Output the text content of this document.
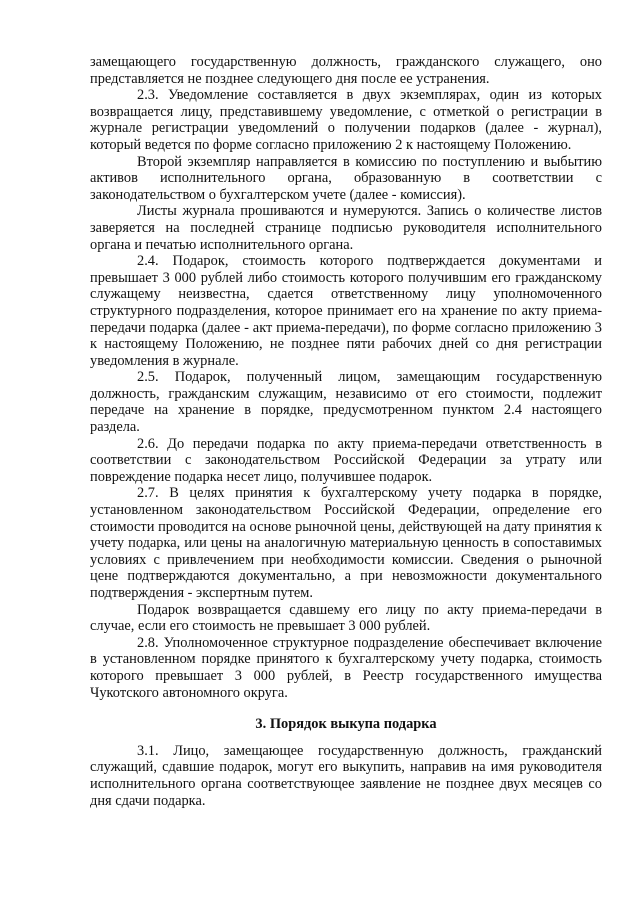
замещающего государственную должность, гражданского служащего, оно представляется не позднее следующего дня после ее устранения.

2.3. Уведомление составляется в двух экземплярах, один из которых возвращается лицу, представившему уведомление, с отметкой о регистрации в журнале регистрации уведомлений о получении подарков (далее - журнал), который ведется по форме согласно приложению 2 к настоящему Положению.

Второй экземпляр направляется в комиссию по поступлению и выбытию активов исполнительного органа, образованную в соответствии с законодательством о бухгалтерском учете (далее - комиссия).

Листы журнала прошиваются и нумеруются. Запись о количестве листов заверяется на последней странице подписью руководителя исполнительного органа и печатью исполнительного органа.

2.4. Подарок, стоимость которого подтверждается документами и превышает 3 000 рублей либо стоимость которого получившим его гражданскому служащему неизвестна, сдается ответственному лицу уполномоченного структурного подразделения, которое принимает его на хранение по акту приема-передачи подарка (далее - акт приема-передачи), по форме согласно приложению 3 к настоящему Положению, не позднее пяти рабочих дней со дня регистрации уведомления в журнале.

2.5. Подарок, полученный лицом, замещающим государственную должность, гражданским служащим, независимо от его стоимости, подлежит передаче на хранение в порядке, предусмотренном пунктом 2.4 настоящего раздела.

2.6. До передачи подарка по акту приема-передачи ответственность в соответствии с законодательством Российской Федерации за утрату или повреждение подарка несет лицо, получившее подарок.

2.7. В целях принятия к бухгалтерскому учету подарка в порядке, установленном законодательством Российской Федерации, определение его стоимости проводится на основе рыночной цены, действующей на дату принятия к учету подарка, или цены на аналогичную материальную ценность в сопоставимых условиях с привлечением при необходимости комиссии. Сведения о рыночной цене подтверждаются документально, а при невозможности документального подтверждения - экспертным путем.

Подарок возвращается сдавшему его лицу по акту приема-передачи в случае, если его стоимость не превышает 3 000 рублей.

2.8. Уполномоченное структурное подразделение обеспечивает включение в установленном порядке принятого к бухгалтерскому учету подарка, стоимость которого превышает 3 000 рублей, в Реестр государственного имущества Чукотского автономного округа.

3. Порядок выкупа подарка

3.1. Лицо, замещающее государственную должность, гражданский служащий, сдавшие подарок, могут его выкупить, направив на имя руководителя исполнительного органа соответствующее заявление не позднее двух месяцев со дня сдачи подарка.
